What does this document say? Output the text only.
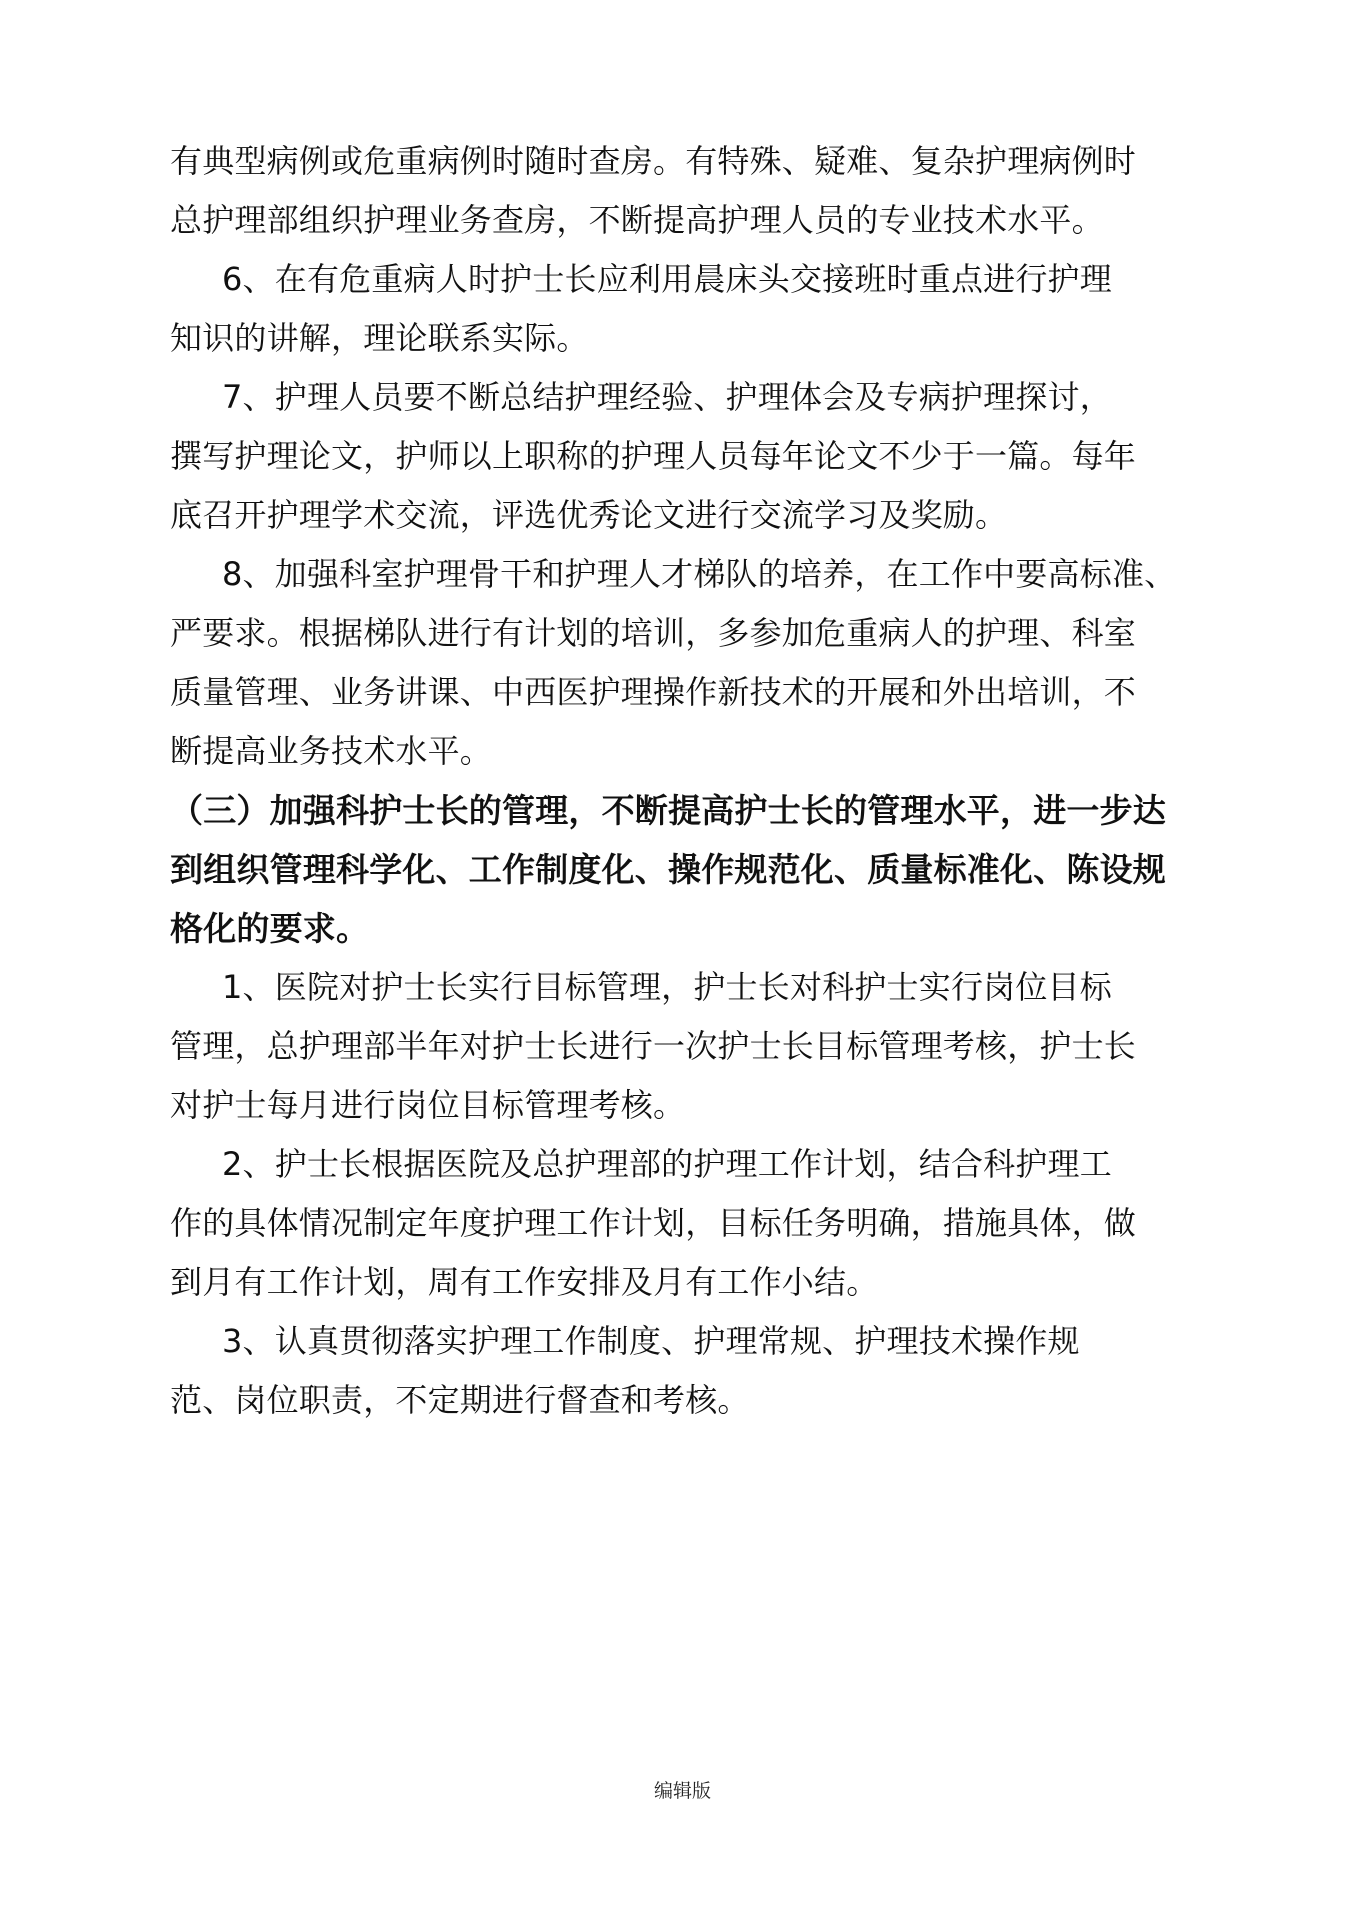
有典型病例或危重病例时随时查房。有特殊、疑难、复杂护理病例时
总护理部组织护理业务查房，不断提高护理人员的专业技术水平。
6、在有危重病人时护士长应利用晨床头交接班时重点进行护理
知识的讲解，理论联系实际。
7、护理人员要不断总结护理经验、护理体会及专病护理探讨，
撰写护理论文，护师以上职称的护理人员每年论文不少于一篇。每年
底召开护理学术交流，评选优秀论文进行交流学习及奖励。
8、加强科室护理骨干和护理人才梯队的培养，在工作中要高标准、
严要求。根据梯队进行有计划的培训，多参加危重病人的护理、科室
质量管理、业务讲课、中西医护理操作新技术的开展和外出培训，不
断提高业务技术水平。
（三）加强科护士长的管理，不断提高护士长的管理水平，进一步达
到组织管理科学化、工作制度化、操作规范化、质量标准化、陈设规
格化的要求。
1、医院对护士长实行目标管理，护士长对科护士实行岗位目标
管理，总护理部半年对护士长进行一次护士长目标管理考核，护士长
对护士每月进行岗位目标管理考核。
2、护士长根据医院及总护理部的护理工作计划，结合科护理工
作的具体情况制定年度护理工作计划，目标任务明确，措施具体，做
到月有工作计划，周有工作安排及月有工作小结。
3、认真贯彻落实护理工作制度、护理常规、护理技术操作规
范、岗位职责，不定期进行督查和考核。
编辑版
